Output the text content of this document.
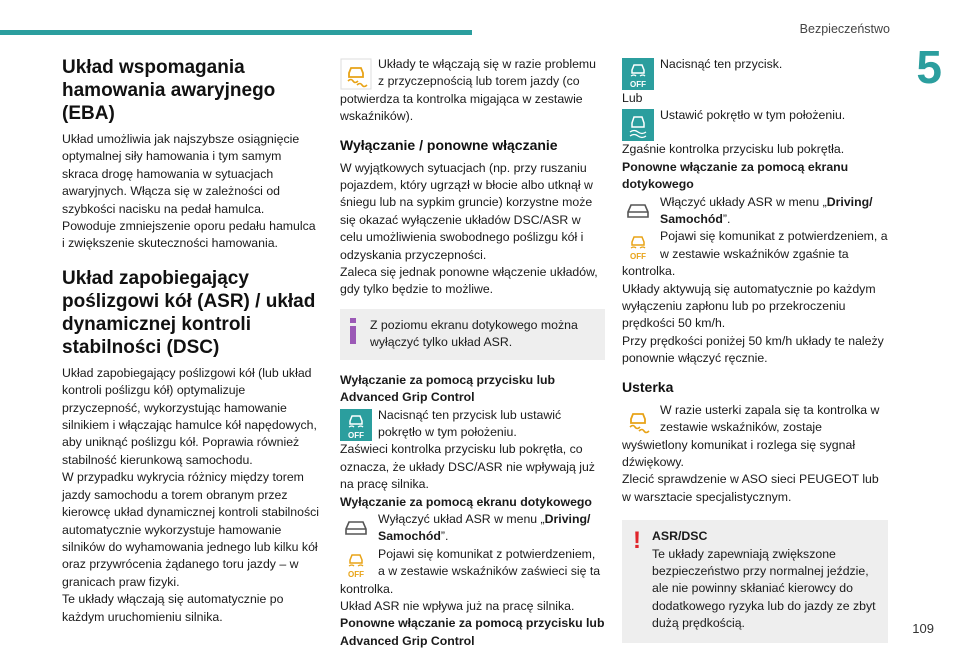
Bezpieczeństwo
5
109
Układ wspomagania hamowania awaryjnego (EBA)

Układ umożliwia jak najszybsze osiągnięcie optymalnej siły hamowania i tym samym skraca drogę hamowania w sytuacjach awaryjnych. Włącza się w zależności od szybkości nacisku na pedał hamulca. Powoduje zmniejszenie oporu pedału hamulca i zwiększenie skuteczności hamowania.

Układ zapobiegający poślizgowi kół (ASR) / układ dynamicznej kontroli stabilności (DSC)

Układ zapobiegający poślizgowi kół (lub układ kontroli poślizgu kół) optymalizuje przyczepność, wykorzystując hamowanie silnikiem i włączając hamulce kół napędowych, aby uniknąć poślizgu kół. Poprawia również stabilność kierunkową samochodu.

W przypadku wykrycia różnicy między torem jazdy samochodu a torem obranym przez kierowcę układ dynamicznej kontroli stabilności automatycznie wykorzystuje hamowanie silników do wyhamowania jednego lub kilku kół oraz przywrócenia żądanego toru jazdy – w granicach praw fizyki.

Te układy włączają się automatycznie po każdym uruchomieniu silnika.

Układy te włączają się w razie problemu z przyczepnością lub torem jazdy (co potwierdza ta kontrolka migająca w zestawie wskaźników).

Wyłączanie / ponowne włączanie

W wyjątkowych sytuacjach (np. przy ruszaniu pojazdem, który ugrzązł w błocie albo utknął w śniegu lub na sypkim gruncie) korzystne może się okazać wyłączenie układów DSC/ASR w celu umożliwienia swobodnego poślizgu kół i odzyskania przyczepności.

Zaleca się jednak ponowne włączenie układów, gdy tylko będzie to możliwe.

Z poziomu ekranu dotykowego można wyłączyć tylko układ ASR.

Wyłączanie za pomocą przycisku lub Advanced Grip Control

OFF

Nacisnąć ten przycisk lub ustawić pokrętło w tym położeniu.

Zaświeci kontrolka przycisku lub pokrętła, co oznacza, że układy DSC/ASR nie wpływają już na pracę silnika.

Wyłączanie za pomocą ekranu dotykowego

Wyłączyć układ ASR w menu „Driving/ Samochód”.

OFF

Pojawi się komunikat z potwierdzeniem, a w zestawie wskaźników zaświeci się ta kontrolka.

Układ ASR nie wpływa już na pracę silnika.

Ponowne włączanie za pomocą przycisku lub Advanced Grip Control

OFF

Nacisnąć ten przycisk.

Lub

Ustawić pokrętło w tym położeniu.

Zgaśnie kontrolka przycisku lub pokrętła.

Ponowne włączanie za pomocą ekranu dotykowego

Włączyć układy ASR w menu „Driving/ Samochód”.

OFF

Pojawi się komunikat z potwierdzeniem, a w zestawie wskaźników zgaśnie ta kontrolka.

Układy aktywują się automatycznie po każdym wyłączeniu zapłonu lub po przekroczeniu prędkości 50 km/h.

Przy prędkości poniżej 50 km/h układy te należy ponownie włączyć ręcznie.

Usterka

W razie usterki zapala się ta kontrolka w zestawie wskaźników, zostaje wyświetlony komunikat i rozlega się sygnał dźwiękowy.

Zlecić sprawdzenie w ASO sieci PEUGEOT lub w warsztacie specjalistycznym.

! ASR/DSC

Te układy zapewniają zwiększone bezpieczeństwo przy normalnej jeździe, ale nie powinny skłaniać kierowcy do dodatkowego ryzyka lub do jazdy ze zbyt dużą prędkością.
